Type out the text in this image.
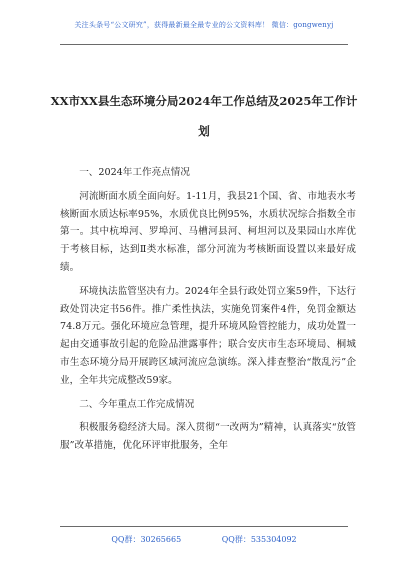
关注头条号“公文研究”，获得最新最全最专业的公文资料库！ 微信：gongwenyj
XX市XX县生态环境分局2024年工作总结及2025年工作计
划

一、2024年工作亮点情况

河流断面水质全面向好。1-11月，我县21个国、省、市地表水考核断面水质达标率95%，水质优良比例95%，水质状况综合指数全市第一。其中杭埠河、罗埠河、马槽河县河、柯坦河以及果园山水库优于考核目标，达到Ⅱ类水标准，部分河流为考核断面设置以来最好成绩。

环境执法监管坚决有力。2024年全县行政处罚立案59件，下达行政处罚决定书56件。推广柔性执法，实施免罚案件4件，免罚金额达74.8万元。强化环境应急管理，提升环境风险管控能力，成功处置一起由交通事故引起的危险品泄露事件；联合安庆市生态环境局、桐城市生态环境分局开展跨区域河流应急演练。深入排查整治“散乱污”企业，全年共完成整改59家。

二、今年重点工作完成情况

积极服务稳经济大局。深入贯彻“一改两为”精神，认真落实“放管服”改革措施，优化环评审批服务，全年

QQ群：30265665	QQ群：535304092
